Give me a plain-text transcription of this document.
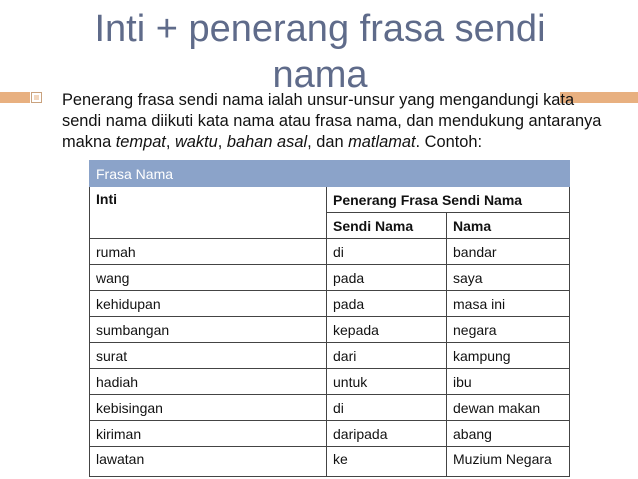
Inti + penerang frasa sendi
nama
Penerang frasa sendi nama ialah unsur-unsur yang mengandungi kata sendi nama diikuti kata nama atau frasa nama, dan mendukung antaranya makna tempat, waktu, bahan asal, dan matlamat. Contoh:
Frasa Nama		
Inti	Penerang Frasa Sendi Nama	
	Sendi Nama	Nama
rumah	di	bandar
wang	pada	saya
kehidupan	pada	masa ini
sumbangan	kepada	negara
surat	dari	kampung
hadiah	untuk	ibu
kebisingan	di	dewan makan
kiriman	daripada	abang
lawatan	ke	Muzium Negara
